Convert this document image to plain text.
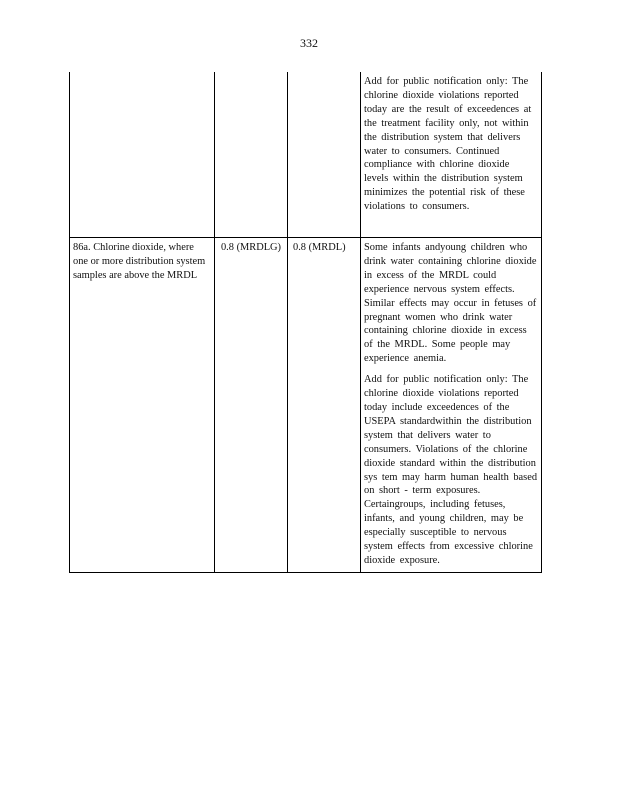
332

			Add for public notification only: The chlorine dioxide violations reported today are the result of exceedences at the treatment facility only, not within the distribution system that delivers water to consumers. Continued compliance with chlorine dioxide levels within the distribution system minimizes the potential risk of these violations to consumers.

86a. Chlorine dioxide, where one or more distribution system samples are above the MRDL	0.8 (MRDLG)	0.8 (MRDL)	Some infants andyoung children who drink water containing chlorine dioxide in excess of the MRDL could experience nervous system effects. Similar effects may occur in fetuses of pregnant women who drink water containing chlorine dioxide in excess of the MRDL. Some people may experience anemia.
Add for public notification only: The chlorine dioxide violations reported today include exceedences of the USEPA standardwithin the distribution system that delivers water to consumers. Violations of the chlorine dioxide standard within the distribution sys tem may harm human health based on short - term exposures. Certaingroups, including fetuses, infants, and young children, may be especially susceptible to nervous system effects from excessive chlorine dioxide exposure.
